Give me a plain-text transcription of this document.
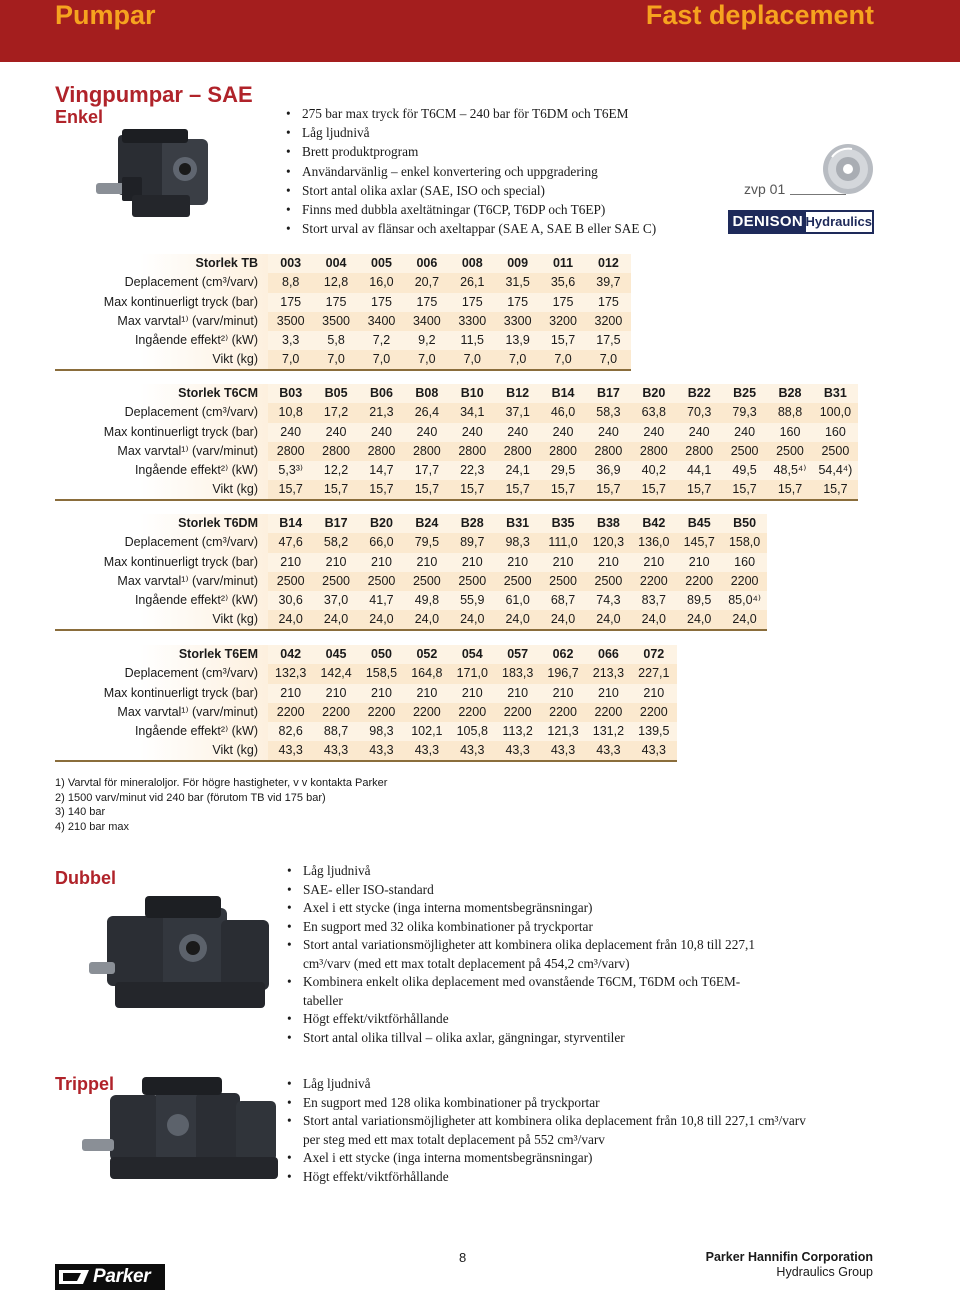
Pumpar	Fast deplacement
Vingpumpar – SAE
Enkel	• 275 bar max tryck för T6CM – 240 bar för T6DM och T6EM
• Låg ljudnivå
• Brett produktprogram
• Användarvänlig – enkel konvertering och uppgradering
• Stort antal olika axlar (SAE, ISO och special)
• Finns med dubbla axeltätningar (T6CP, T6DP och T6EP)
• Stort urval av flänsar och axeltappar (SAE A, SAE B eller SAE C)
zvp 01
DENISON Hydraulics
Storlek TB	003	004	005	006	008	009	011	012					
Deplacement (cm³/varv)	8,8	12,8	16,0	20,7	26,1	31,5	35,6	39,7					
Max kontinuerligt tryck (bar)	175	175	175	175	175	175	175	175					
Max varvtal¹⁾ (varv/minut)	3500	3500	3400	3400	3300	3300	3200	3200					
Ingående effekt²⁾ (kW)	3,3	5,8	7,2	9,2	11,5	13,9	15,7	17,5					
Vikt (kg)	7,0	7,0	7,0	7,0	7,0	7,0	7,0	7,0					
Storlek T6CM	B03	B05	B06	B08	B10	B12	B14	B17	B20	B22	B25	B28	B31
Deplacement (cm³/varv)	10,8	17,2	21,3	26,4	34,1	37,1	46,0	58,3	63,8	70,3	79,3	88,8	100,0
Max kontinuerligt tryck (bar)	240	240	240	240	240	240	240	240	240	240	240	160	160
Max varvtal¹⁾ (varv/minut)	2800	2800	2800	2800	2800	2800	2800	2800	2800	2800	2500	2500	2500
Ingående effekt²⁾ (kW)	5,3³⁾	12,2	14,7	17,7	22,3	24,1	29,5	36,9	40,2	44,1	49,5	48,5⁴⁾	54,4⁴)
Vikt (kg)	15,7	15,7	15,7	15,7	15,7	15,7	15,7	15,7	15,7	15,7	15,7	15,7	15,7
Storlek T6DM	B14	B17	B20	B24	B28	B31	B35	B38	B42	B45	B50		
Deplacement (cm³/varv)	47,6	58,2	66,0	79,5	89,7	98,3	111,0	120,3	136,0	145,7	158,0		
Max kontinuerligt tryck (bar)	210	210	210	210	210	210	210	210	210	210	160		
Max varvtal¹⁾ (varv/minut)	2500	2500	2500	2500	2500	2500	2500	2500	2200	2200	2200		
Ingående effekt²⁾ (kW)	30,6	37,0	41,7	49,8	55,9	61,0	68,7	74,3	83,7	89,5	85,0⁴⁾		
Vikt (kg)	24,0	24,0	24,0	24,0	24,0	24,0	24,0	24,0	24,0	24,0	24,0		
Storlek T6EM	042	045	050	052	054	057	062	066	072				
Deplacement (cm³/varv)	132,3	142,4	158,5	164,8	171,0	183,3	196,7	213,3	227,1				
Max kontinuerligt tryck (bar)	210	210	210	210	210	210	210	210	210				
Max varvtal¹⁾ (varv/minut)	2200	2200	2200	2200	2200	2200	2200	2200	2200				
Ingående effekt²⁾ (kW)	82,6	88,7	98,3	102,1	105,8	113,2	121,3	131,2	139,5				
Vikt (kg)	43,3	43,3	43,3	43,3	43,3	43,3	43,3	43,3	43,3				
1) Varvtal för mineraloljor. För högre hastigheter, v v kontakta Parker
2) 1500 varv/minut vid 240 bar (förutom TB vid 175 bar)
3) 140 bar
4) 210 bar max
Dubbel	• Låg ljudnivå
• SAE- eller ISO-standard
• Axel i ett stycke (inga interna momentsbegränsningar)
• En sugport med 32 olika kombinationer på tryckportar
• Stort antal variationsmöjligheter att kombinera olika deplacement från 10,8 till 227,1 cm³/varv (med ett max totalt deplacement på 454,2 cm³/varv)
• Kombinera enkelt olika deplacement med ovanstående T6CM, T6DM och T6EM-tabeller
• Högt effekt/viktförhållande
• Stort antal olika tillval – olika axlar, gängningar, styrventiler
Trippel	• Låg ljudnivå
• En sugport med 128 olika kombinationer på tryckportar
• Stort antal variationsmöjligheter att kombinera olika deplacement från 10,8 till 227,1 cm³/varv per steg med ett max totalt deplacement på 552 cm³/varv
• Axel i ett stycke (inga interna momentsbegränsningar)
• Högt effekt/viktförhållande
8	Parker Hannifin Corporation
Hydraulics Group
Parker
